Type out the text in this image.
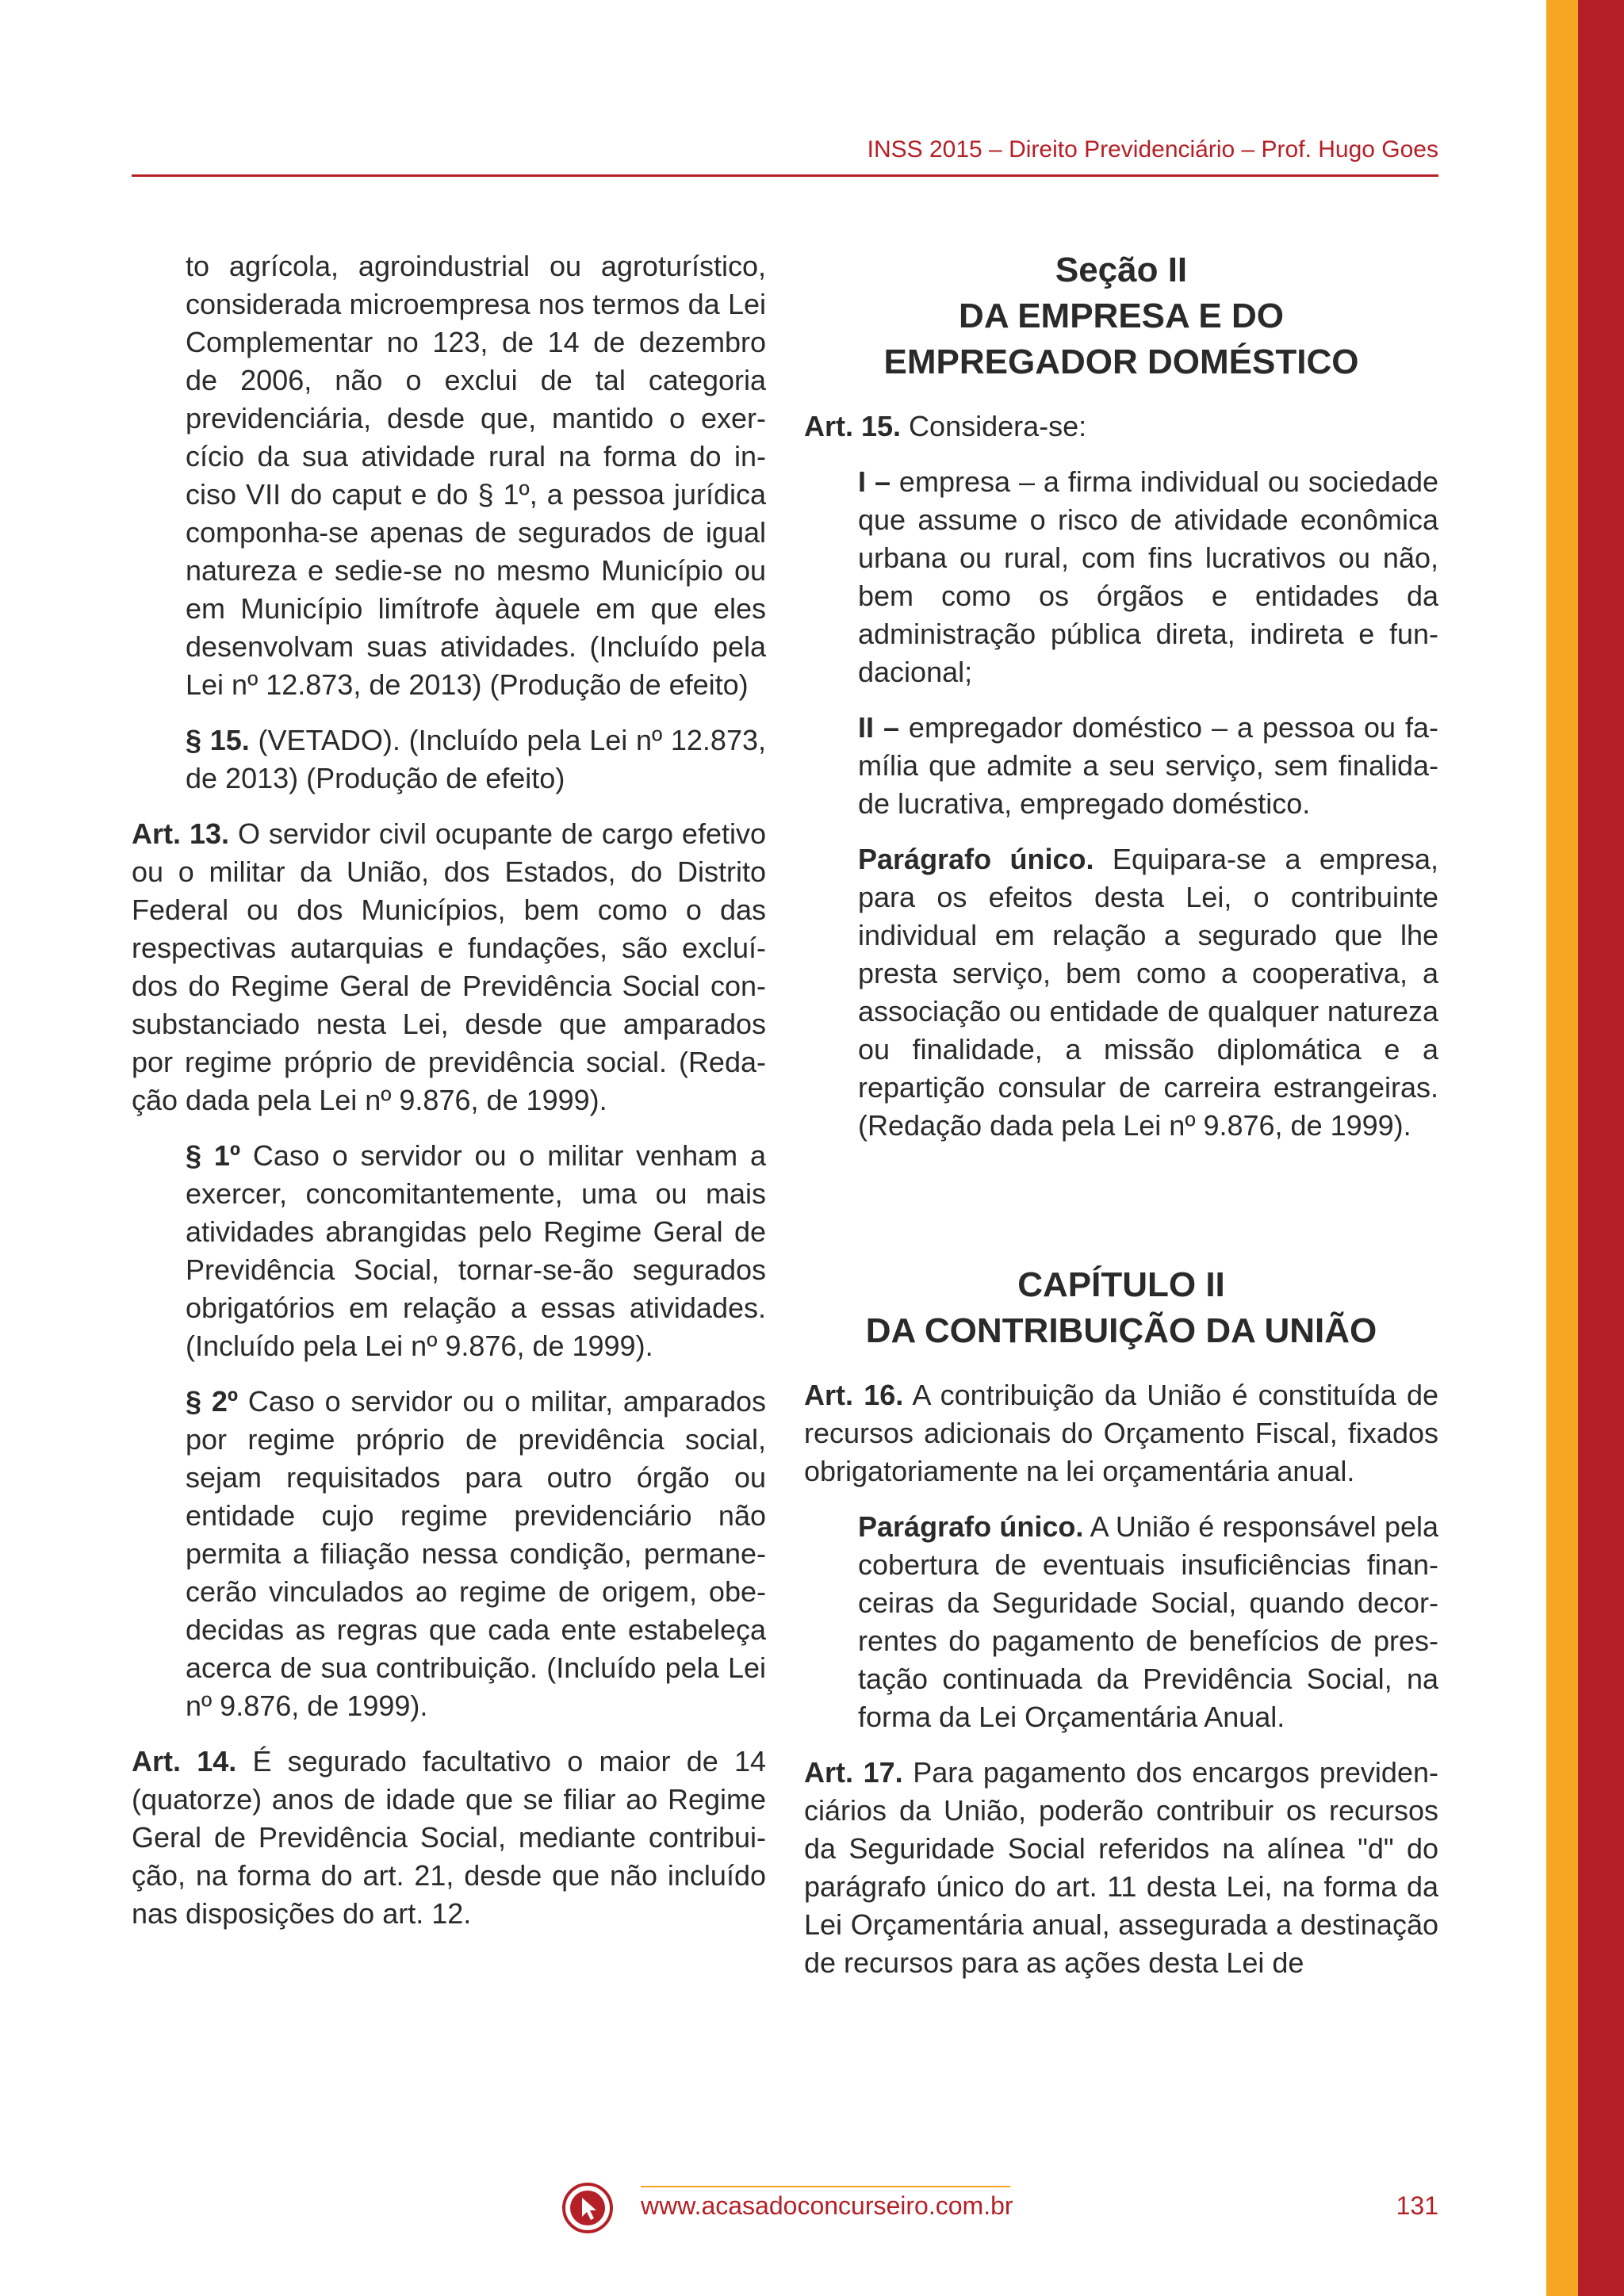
INSS 2015 – Direito Previdenciário – Prof. Hugo Goes

to agrícola, agroindustrial ou agroturístico, considerada microempresa nos termos da Lei Complementar no 123, de 14 de dezembro de 2006, não o exclui de tal categoria previdenciária, desde que, mantido o exercício da sua atividade rural na forma do inciso VII do caput e do § 1º, a pessoa jurídica componha-se apenas de segurados de igual natureza e sedie-se no mesmo Município ou em Município limítrofe àquele em que eles desenvolvam suas atividades. (Incluído pela Lei nº 12.873, de 2013) (Produção de efeito)

§ 15. (VETADO). (Incluído pela Lei nº 12.873, de 2013) (Produção de efeito)

Art. 13. O servidor civil ocupante de cargo efetivo ou o militar da União, dos Estados, do Distrito Federal ou dos Municípios, bem como o das respectivas autarquias e fundações, são excluídos do Regime Geral de Previdência Social consubstanciado nesta Lei, desde que amparados por regime próprio de previdência social. (Redação dada pela Lei nº 9.876, de 1999).

§ 1º Caso o servidor ou o militar venham a exercer, concomitantemente, uma ou mais atividades abrangidas pelo Regime Geral de Previdência Social, tornar-se-ão segurados obrigatórios em relação a essas atividades. (Incluído pela Lei nº 9.876, de 1999).

§ 2º Caso o servidor ou o militar, amparados por regime próprio de previdência social, sejam requisitados para outro órgão ou entidade cujo regime previdenciário não permita a filiação nessa condição, permanecerão vinculados ao regime de origem, obedecidas as regras que cada ente estabeleça acerca de sua contribuição. (Incluído pela Lei nº 9.876, de 1999).

Art. 14. É segurado facultativo o maior de 14 (quatorze) anos de idade que se filiar ao Regime Geral de Previdência Social, mediante contribuição, na forma do art. 21, desde que não incluído nas disposições do art. 12.

Seção II

DA EMPRESA E DO

EMPREGADOR DOMÉSTICO

Art. 15. Considera-se:

I – empresa – a firma individual ou sociedade que assume o risco de atividade econômica urbana ou rural, com fins lucrativos ou não, bem como os órgãos e entidades da administração pública direta, indireta e fundacional;

II – empregador doméstico – a pessoa ou família que admite a seu serviço, sem finalidade lucrativa, empregado doméstico.

Parágrafo único. Equipara-se a empresa, para os efeitos desta Lei, o contribuinte individual em relação a segurado que lhe presta serviço, bem como a cooperativa, a associação ou entidade de qualquer natureza ou finalidade, a missão diplomática e a repartição consular de carreira estrangeiras. (Redação dada pela Lei nº 9.876, de 1999).

CAPÍTULO II

DA CONTRIBUIÇÃO DA UNIÃO

Art. 16. A contribuição da União é constituída de recursos adicionais do Orçamento Fiscal, fixados obrigatoriamente na lei orçamentária anual.

Parágrafo único. A União é responsável pela cobertura de eventuais insuficiências financeiras da Seguridade Social, quando decorrentes do pagamento de benefícios de prestação continuada da Previdência Social, na forma da Lei Orçamentária Anual.

Art. 17. Para pagamento dos encargos previdenciários da União, poderão contribuir os recursos da Seguridade Social referidos na alínea "d" do parágrafo único do art. 11 desta Lei, na forma da Lei Orçamentária anual, assegurada a destinação de recursos para as ações desta Lei de

www.acasadoconcurseiro.com.br	131
